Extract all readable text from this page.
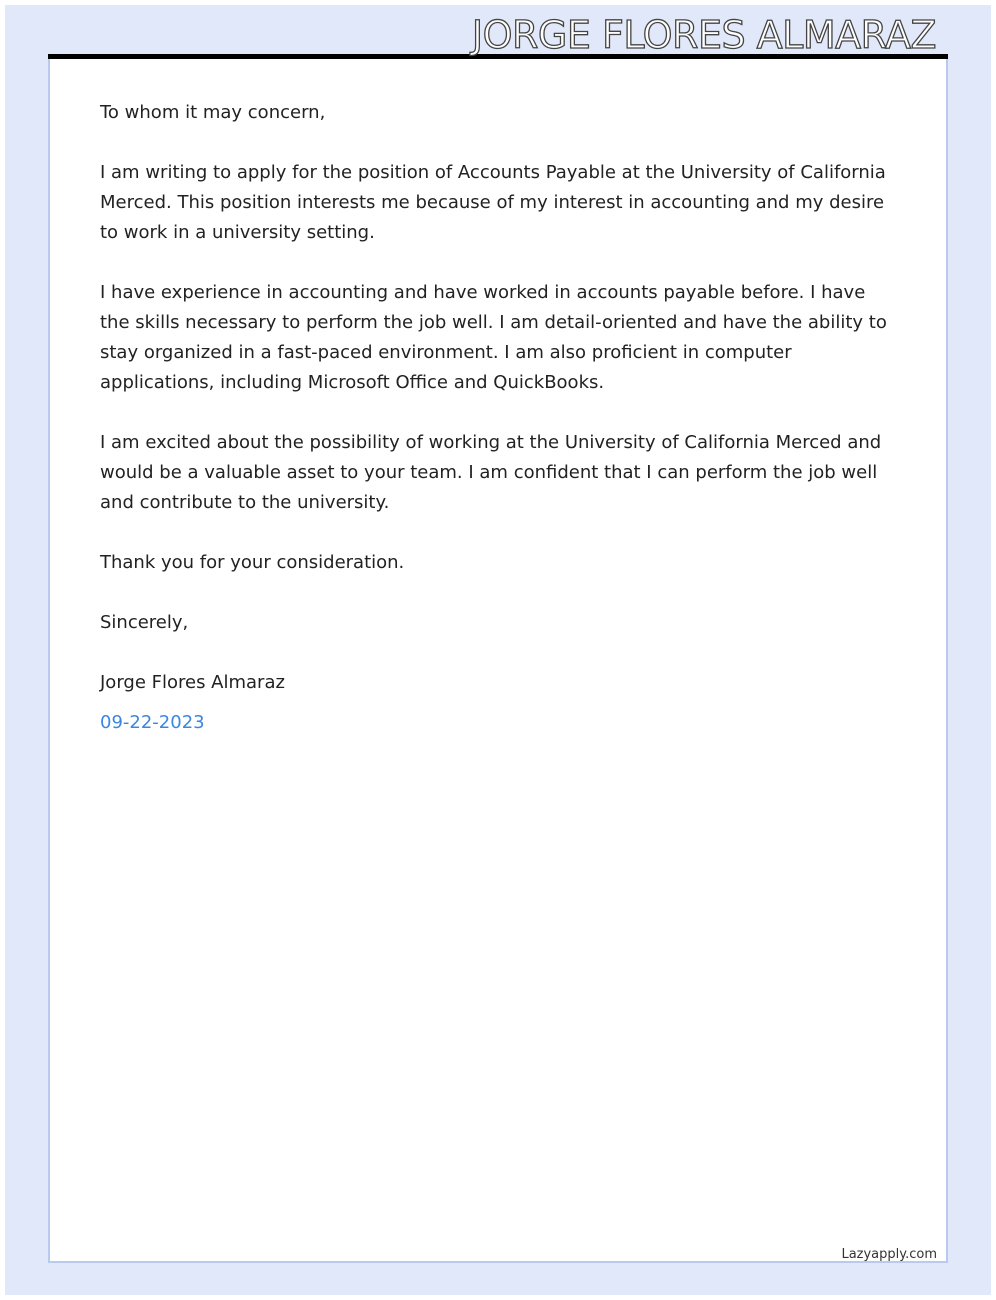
JORGE FLORES ALMARAZ

To whom it may concern,

I am writing to apply for the position of Accounts Payable at the University of California Merced. This position interests me because of my interest in accounting and my desire to work in a university setting.

I have experience in accounting and have worked in accounts payable before. I have the skills necessary to perform the job well. I am detail-oriented and have the ability to stay organized in a fast-paced environment. I am also proficient in computer applications, including Microsoft Office and QuickBooks.

I am excited about the possibility of working at the University of California Merced and would be a valuable asset to your team. I am confident that I can perform the job well and contribute to the university.

Thank you for your consideration.

Sincerely,

Jorge Flores Almaraz

09-22-2023

Lazyapply.com
